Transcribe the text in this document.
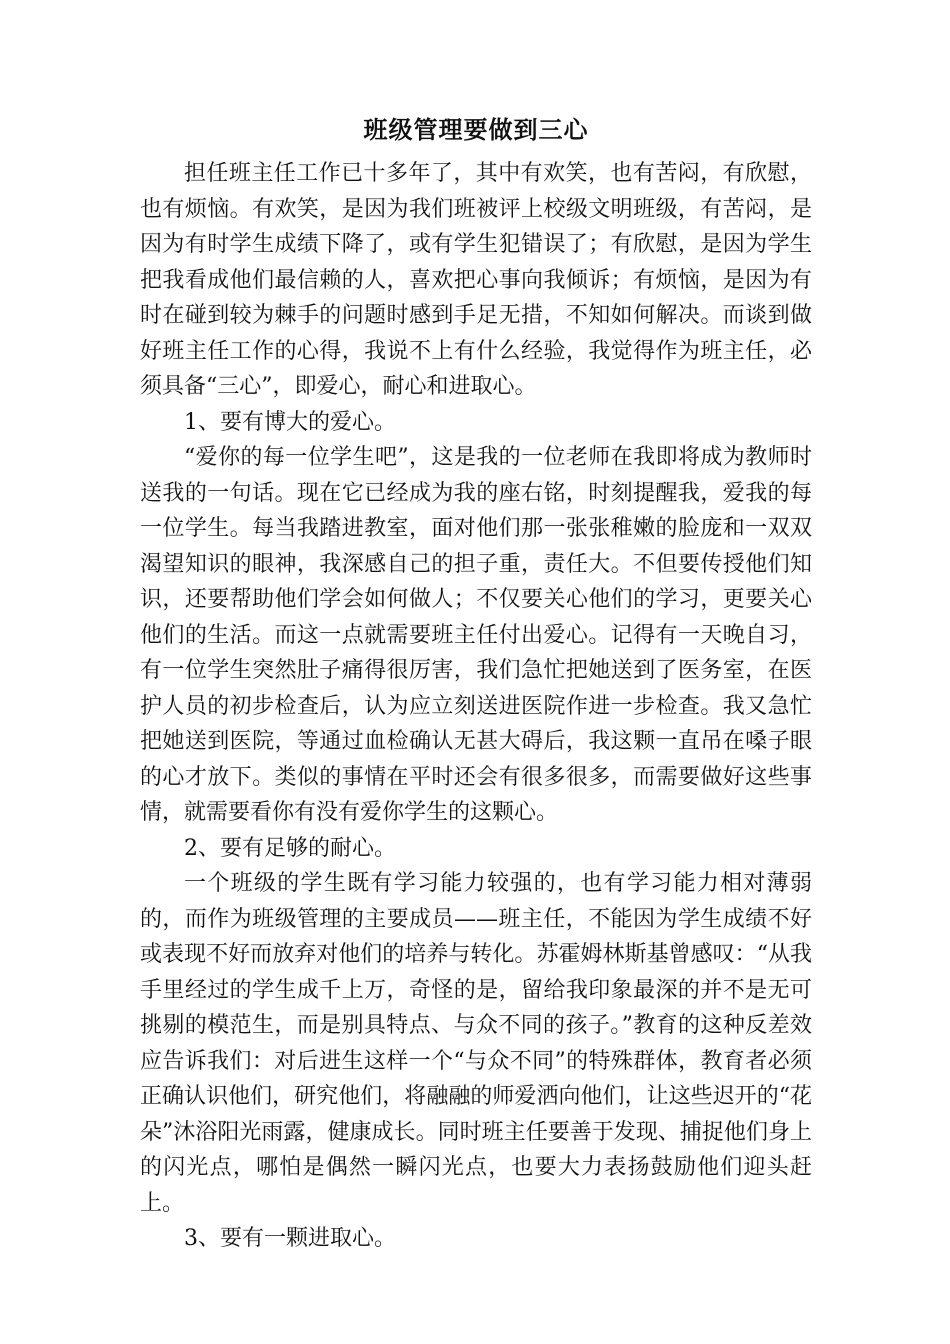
班级管理要做到三心

担任班主任工作已十多年了，其中有欢笑，也有苦闷，有欣慰，也有烦恼。有欢笑，是因为我们班被评上校级文明班级，有苦闷，是因为有时学生成绩下降了，或有学生犯错误了；有欣慰，是因为学生把我看成他们最信赖的人，喜欢把心事向我倾诉；有烦恼，是因为有时在碰到较为棘手的问题时感到手足无措，不知如何解决。而谈到做好班主任工作的心得，我说不上有什么经验，我觉得作为班主任，必须具备“三心”，即爱心，耐心和进取心。

1、要有博大的爱心。

“爱你的每一位学生吧”，这是我的一位老师在我即将成为教师时送我的一句话。现在它已经成为我的座右铭，时刻提醒我，爱我的每一位学生。每当我踏进教室，面对他们那一张张稚嫩的脸庞和一双双渴望知识的眼神，我深感自己的担子重，责任大。不但要传授他们知识，还要帮助他们学会如何做人；不仅要关心他们的学习，更要关心他们的生活。而这一点就需要班主任付出爱心。记得有一天晚自习，有一位学生突然肚子痛得很厉害，我们急忙把她送到了医务室，在医护人员的初步检查后，认为应立刻送进医院作进一步检查。我又急忙把她送到医院，等通过血检确认无甚大碍后，我这颗一直吊在嗓子眼的心才放下。类似的事情在平时还会有很多很多，而需要做好这些事情，就需要看你有没有爱你学生的这颗心。

2、要有足够的耐心。

一个班级的学生既有学习能力较强的，也有学习能力相对薄弱的，而作为班级管理的主要成员——班主任，不能因为学生成绩不好或表现不好而放弃对他们的培养与转化。苏霍姆林斯基曾感叹：“从我手里经过的学生成千上万，奇怪的是，留给我印象最深的并不是无可挑剔的模范生，而是别具特点、与众不同的孩子。”教育的这种反差效应告诉我们：对后进生这样一个“与众不同”的特殊群体，教育者必须正确认识他们，研究他们，将融融的师爱洒向他们，让这些迟开的“花朵”沐浴阳光雨露，健康成长。同时班主任要善于发现、捕捉他们身上的闪光点，哪怕是偶然一瞬闪光点，也要大力表扬鼓励他们迎头赶上。

3、要有一颗进取心。
